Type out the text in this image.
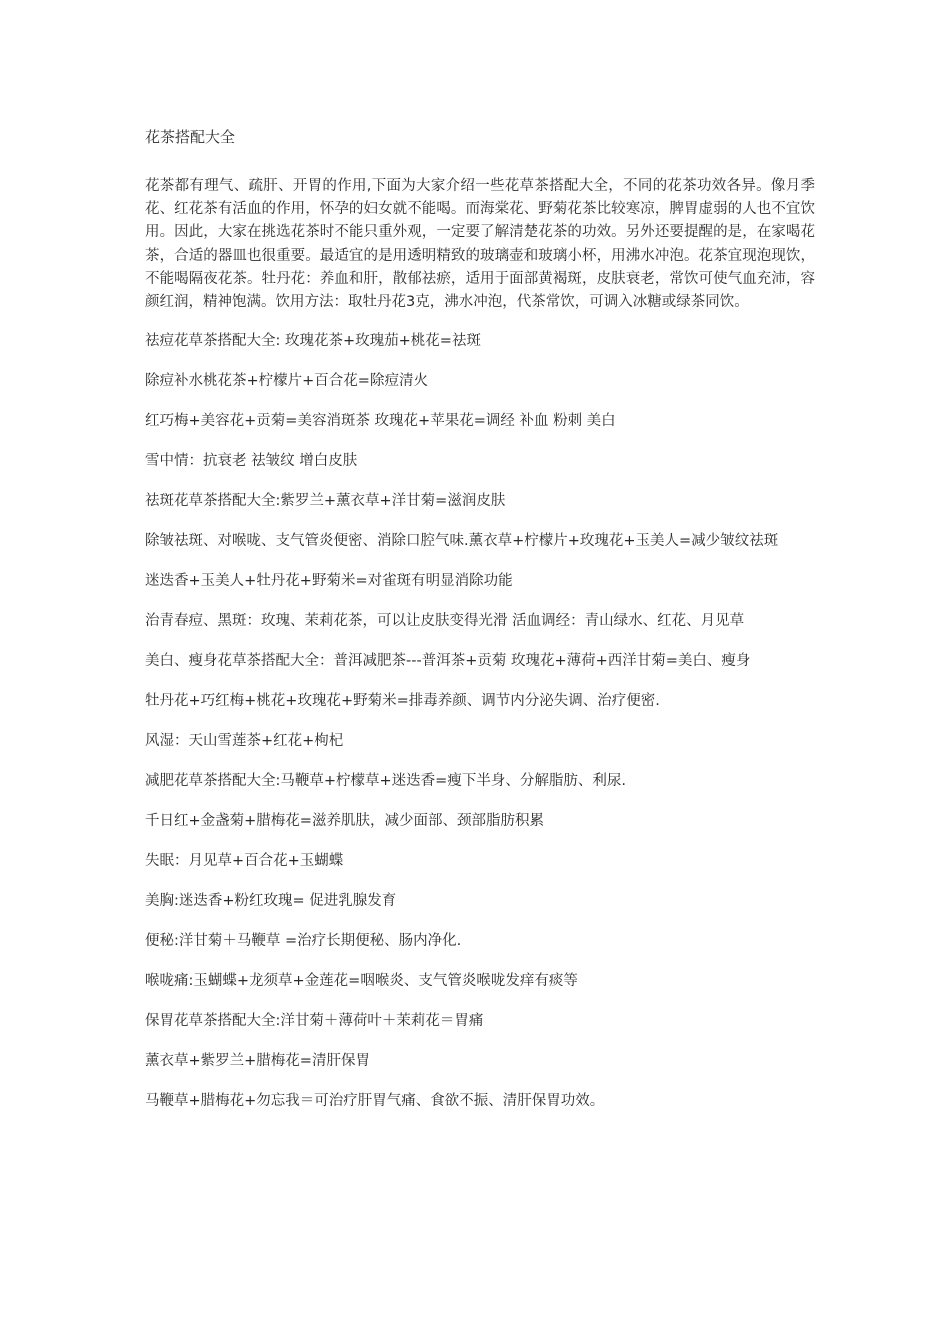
花茶搭配大全

花茶都有理气、疏肝、开胃的作用,下面为大家介绍一些花草茶搭配大全，不同的花茶功效各异。像月季花、红花茶有活血的作用，怀孕的妇女就不能喝。而海棠花、野菊花茶比较寒凉，脾胃虚弱的人也不宜饮用。因此，大家在挑选花茶时不能只重外观，一定要了解清楚花茶的功效。另外还要提醒的是，在家喝花茶，合适的器皿也很重要。最适宜的是用透明精致的玻璃壶和玻璃小杯，用沸水冲泡。花茶宜现泡现饮，不能喝隔夜花茶。牡丹花：养血和肝，散郁祛瘀，适用于面部黄褐斑，皮肤衰老，常饮可使气血充沛，容颜红润，精神饱满。饮用方法：取牡丹花3克，沸水冲泡，代茶常饮，可调入冰糖或绿茶同饮。

祛痘花草茶搭配大全: 玫瑰花茶+玫瑰茄+桃花=祛斑

除痘补水桃花茶+柠檬片+百合花=除痘清火

红巧梅+美容花+贡菊=美容消斑茶 玫瑰花+苹果花=调经 补血 粉刺 美白

雪中情：抗衰老 祛皱纹 增白皮肤

祛斑花草茶搭配大全:紫罗兰+薰衣草+洋甘菊=滋润皮肤

除皱祛斑、对喉咙、支气管炎便密、消除口腔气味.薰衣草+柠檬片+玫瑰花+玉美人=减少皱纹祛斑

迷迭香+玉美人+牡丹花+野菊米=对雀斑有明显消除功能

治青春痘、黑斑：玫瑰、茉莉花茶，可以让皮肤变得光滑 活血调经：青山绿水、红花、月见草

美白、瘦身花草茶搭配大全：普洱减肥茶---普洱茶+贡菊 玫瑰花+薄荷+西洋甘菊=美白、瘦身

牡丹花+巧红梅+桃花+玫瑰花+野菊米=排毒养颜、调节内分泌失调、治疗便密.

风湿：天山雪莲茶+红花+枸杞

减肥花草茶搭配大全:马鞭草+柠檬草+迷迭香=瘦下半身、分解脂肪、利尿.

千日红+金盏菊+腊梅花=滋养肌肤，减少面部、颈部脂肪积累

失眠：月见草+百合花+玉蝴蝶

美胸:迷迭香+粉红玫瑰= 促进乳腺发育

便秘:洋甘菊＋马鞭草 =治疗长期便秘、肠内净化.

喉咙痛:玉蝴蝶+龙须草+金莲花=咽喉炎、支气管炎喉咙发痒有痰等

保胃花草茶搭配大全:洋甘菊＋薄荷叶＋茉莉花＝胃痛

薰衣草+紫罗兰+腊梅花=清肝保胃

马鞭草+腊梅花+勿忘我＝可治疗肝胃气痛、食欲不振、清肝保胃功效。
